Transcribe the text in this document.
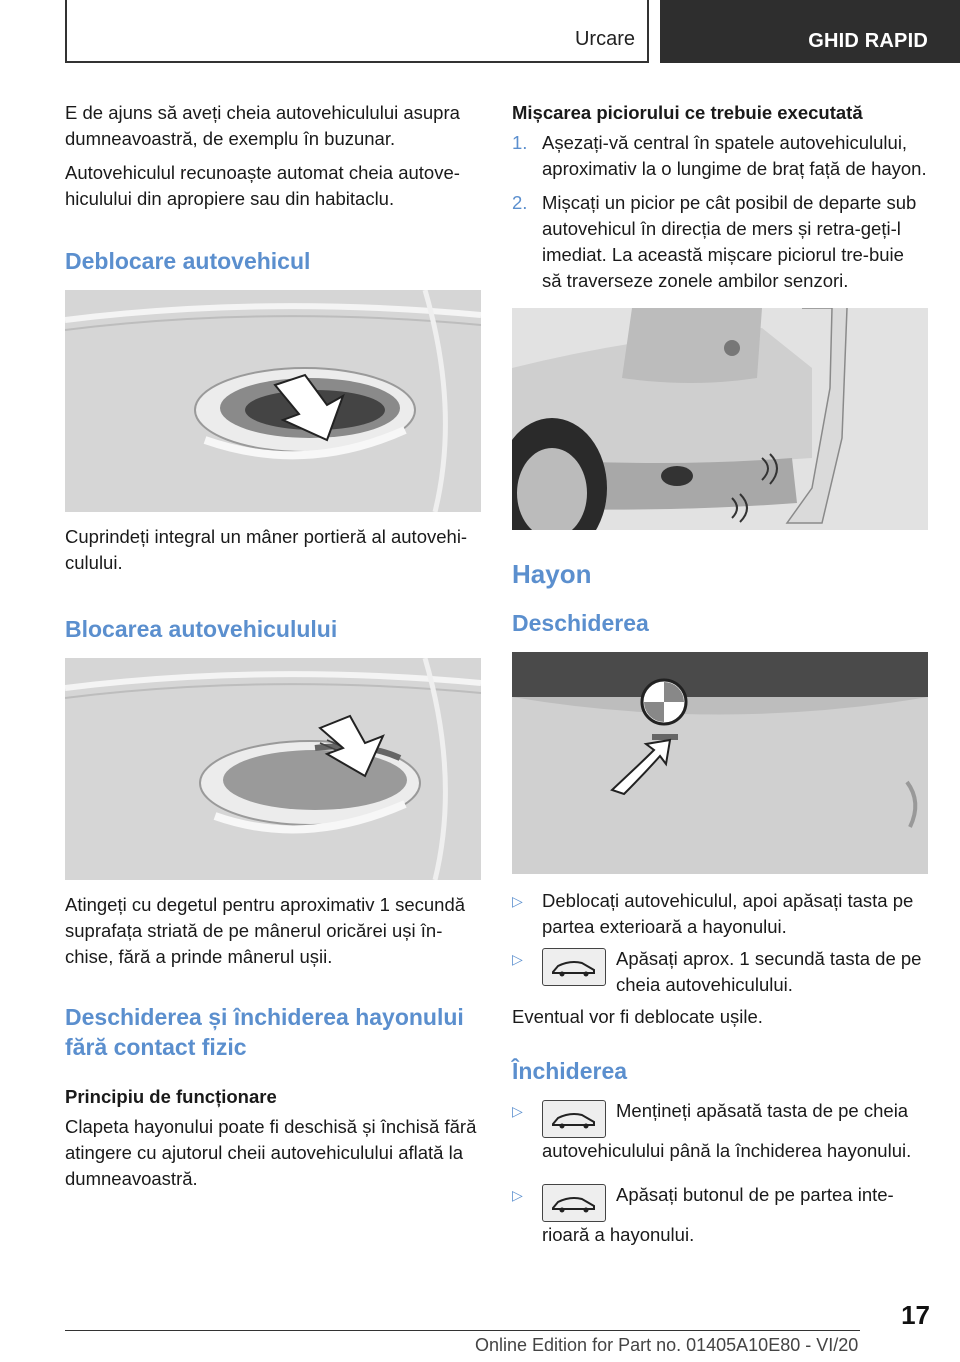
Urcare	GHID RAPID

E de ajuns să aveți cheia autovehiculului asupra dumneavoastră, de exemplu în buzunar.

Autovehiculul recunoaște automat cheia autove-hiculului din apropiere sau din habitaclu.

Deblocare autovehicul

Cuprindeți integral un mâner portieră al autovehi-culului.

Blocarea autovehiculului

Atingeți cu degetul pentru aproximativ 1 secundă suprafața striată de pe mânerul oricărei uși în-chise, fără a prinde mânerul ușii.

Deschiderea și închiderea hayonului fără contact fizic
Principiu de funcționare

Clapeta hayonului poate fi deschisă și închisă fără atingere cu ajutorul cheii autovehiculului aflată la dumneavoastră.

Mișcarea piciorului ce trebuie executată
1. Așezați-vă central în spatele autovehiculului, aproximativ la o lungime de braț față de hayon.
2. Mișcați un picior pe cât posibil de departe sub autovehicul în direcția de mers și retra-geți-l imediat. La această mișcare piciorul tre-buie să traverseze zonele ambilor senzori.
Hayon
Deschiderea
▷ Deblocați autovehiculul, apoi apăsați tasta pe partea exterioară a hayonului.
▷	Apăsați aprox. 1 secundă tasta de pe cheia autovehiculului.

Eventual vor fi deblocate ușile.

Închiderea
▷	Mențineți apăsată tasta de pe cheia autovehiculului până la închiderea hayonului.
▷	Apăsați butonul de pe partea inte-rioară a hayonului.
17
Online Edition for Part no. 01405A10E80 - VI/20
